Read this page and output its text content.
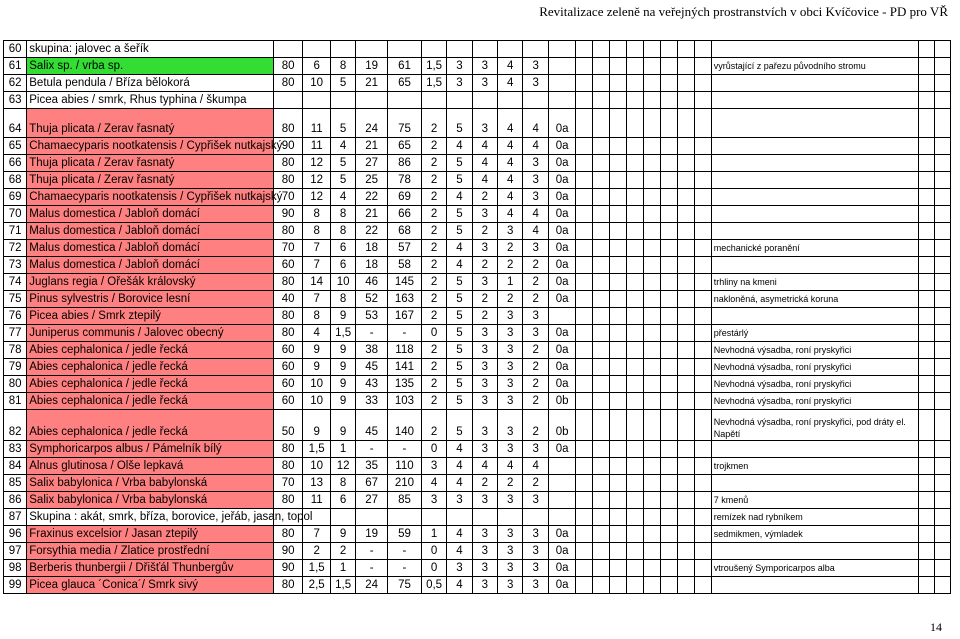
Revitalizace zeleně na veřejných prostranstvích v obci Kvíčovice - PD pro VŘ
60	skupina: jalovec a šeřík																						
61	Salix sp. / vrba sp.	80	6	8	19	61	1,5	3	3	4	3										vyrůstající z pařezu původního stromu		
62	Betula pendula / Bříza bělokorá	80	10	5	21	65	1,5	3	3	4	3												
63	Picea abies / smrk, Rhus typhina / škumpa																						
64	Thuja plicata / Zerav řasnatý	80	11	5	24	75	2	5	3	4	4	0a											
65	Chamaecyparis nootkatensis / Cypřišek nutkajský	90	11	4	21	65	2	4	4	4	4	0a											
66	Thuja plicata / Zerav řasnatý	80	12	5	27	86	2	5	4	4	3	0a											
68	Thuja plicata / Zerav řasnatý	80	12	5	25	78	2	5	4	4	3	0a											
69	Chamaecyparis nootkatensis / Cypřišek nutkajský	70	12	4	22	69	2	4	2	4	3	0a											
70	Malus domestica / Jabloň domácí	90	8	8	21	66	2	5	3	4	4	0a											
71	Malus domestica / Jabloň domácí	80	8	8	22	68	2	5	2	3	4	0a											
72	Malus domestica / Jabloň domácí	70	7	6	18	57	2	4	3	2	3	0a									mechanické poranění		
73	Malus domestica / Jabloň domácí	60	7	6	18	58	2	4	2	2	2	0a											
74	Juglans regia / Ořešák královský	80	14	10	46	145	2	5	3	1	2	0a									trhliny na kmeni		
75	Pinus sylvestris / Borovice lesní	40	7	8	52	163	2	5	2	2	2	0a									nakloněná, asymetrická koruna		
76	Picea abies / Smrk ztepilý	80	8	9	53	167	2	5	2	3	3												
77	Juniperus communis / Jalovec obecný	80	4	1,5	-	-	0	5	3	3	3	0a									přestárlý		
78	Abies cephalonica / jedle řecká	60	9	9	38	118	2	5	3	3	2	0a									Nevhodná výsadba, roní pryskyřici		
79	Abies cephalonica / jedle řecká	60	9	9	45	141	2	5	3	3	2	0a									Nevhodná výsadba, roní pryskyřici		
80	Abies cephalonica / jedle řecká	60	10	9	43	135	2	5	3	3	2	0a									Nevhodná výsadba, roní pryskyřici		
81	Abies cephalonica / jedle řecká	60	10	9	33	103	2	5	3	3	2	0b									Nevhodná výsadba, roní pryskyřici		
82	Abies cephalonica / jedle řecká	50	9	9	45	140	2	5	3	3	2	0b									Nevhodná výsadba, roní pryskyřici, pod dráty el. Napětí		
83	Symphoricarpos albus / Pámelník bílý	80	1,5	1	-	-	0	4	3	3	3	0a											
84	Alnus glutinosa / Olše lepkavá	80	10	12	35	110	3	4	4	4	4										trojkmen		
85	Salix babylonica / Vrba babylonská	70	13	8	67	210	4	4	2	2	2												
86	Salix babylonica / Vrba babylonská	80	11	6	27	85	3	3	3	3	3										7 kmenů		
87	Skupina : akát, smrk, bříza, borovice, jeřáb, jasan, topol																				remízek nad rybníkem		
96	Fraxinus excelsior / Jasan ztepilý	80	7	9	19	59	1	4	3	3	3	0a									sedmikmen, výmladek		
97	Forsythia media / Zlatice prostřední	90	2	2	-	-	0	4	3	3	3	0a											
98	Berberis thunbergii / Dřišťál Thunbergův	90	1,5	1	-	-	0	3	3	3	3	0a									vtroušený Symporicarpos alba		
99	Picea glauca ´Conica´/ Smrk sivý	80	2,5	1,5	24	75	0,5	4	3	3	3	0a											
14
